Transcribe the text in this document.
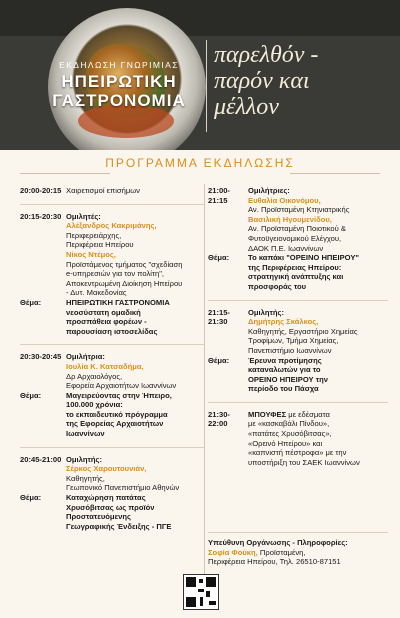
ΕΚΔΗΛΩΣΗ ΓΝΩΡΙΜΙΑΣ
ΗΠΕΙΡΩΤΙΚΗ
ΓΑΣΤΡΟΝΟΜΙΑ
παρελθόν -
παρόν και
μέλλον
ΠΡΟΓΡΑΜΜΑ ΕΚΔΗΛΩΣΗΣ
20:00-20:15 Χαιρετισμοί επισήμων
20:15-20:30 Ομιλητές:
Αλέξανδρος Κακριμάνης,
Περιφερειάρχης,
Περιφέρεια Ηπείρου
Νίκος Ντέμος,
Προϊστάμενος τμήματος "σχεδίαση
e-υπηρεσιών για τον πολίτη",
Αποκεντρωμένη Διοίκηση Ηπείρου
- Δυτ. Μακεδονίας
Θέμα:	ΗΠΕΙΡΩΤΙΚΗ ΓΑΣΤΡΟΝΟΜΙΑ
νεοσύστατη ομαδική
προσπάθεια φορέων -
παρουσίαση ιστοσελίδας
20:30-20:45 Ομιλήτρια:
Ιουλία Κ. Κατσαδήμα,
Δρ Αρχαιολόγος,
Εφορεία Αρχαιοτήτων Ιωαννίνων
Θέμα:	Μαγειρεύοντας στην Ήπειρο,
100.000 χρόνια:
το εκπαιδευτικό πρόγραμμα
της Εφορείας Αρχαιοτήτων
Ιωαννίνων
20:45-21:00 Ομιλητής:
Σέρκος Χαρουτουνιάν,
Καθηγητής,
Γεωπονικό Πανεπιστήμιο Αθηνών
Θέμα:	Καταχώρηση πατάτας
Χρυσόβιτσας ως προϊόν
Προστατευόμενης
Γεωγραφικής Ένδειξης - ΠΓΕ
21:00-21:15
Ομιλήτριες:
Ευθαλία Οικονόμου,
Αν. Προϊσταμένη Κτηνιατρικής
Βασιλική Ηγουμενίδου,
Αν. Προϊσταμένη Ποιοτικού &
Φυτοϋγειονομικού Ελέγχου,
ΔΑΟΚ Π.Ε. Ιωαννίνων
Θέμα:	Το καπάκι "ΟΡΕΙΝΟ ΗΠΕΙΡΟΥ"
της Περιφέρειας Ηπείρου:
στρατηγική ανάπτυξης και
προσφοράς του
21:15-21:30
Ομιλητής:
Δημήτρης Σκάλκος,
Καθηγητής, Εργαστήριο Χημείας
Τροφίμων, Τμήμα Χημείας,
Πανεπιστήμιο Ιωαννίνων
Θέμα:	Έρευνα προτίμησης
καταναλωτών για το
ΟΡΕΙΝΟ ΗΠΕΙΡΟΥ την
περίοδο του Πάσχα
21:30-22:00
ΜΠΟΥΦΕΣ με εδέσματα
με «κασκαβάλι Πίνδου»,
«πατάτες Χρυσόβιτσας»,
«Ορεινό Ηπείρου» και
«καπνιστή πέστροφα» με την
υποστήριξη του ΣΑΕΚ Ιωαννίνων
Υπεύθυνη Οργάνωσης - Πληροφορίες:
Σοφία Φούκη, Προϊσταμένη,
Περιφέρεια Ηπείρου, Τηλ. 26510-87151
